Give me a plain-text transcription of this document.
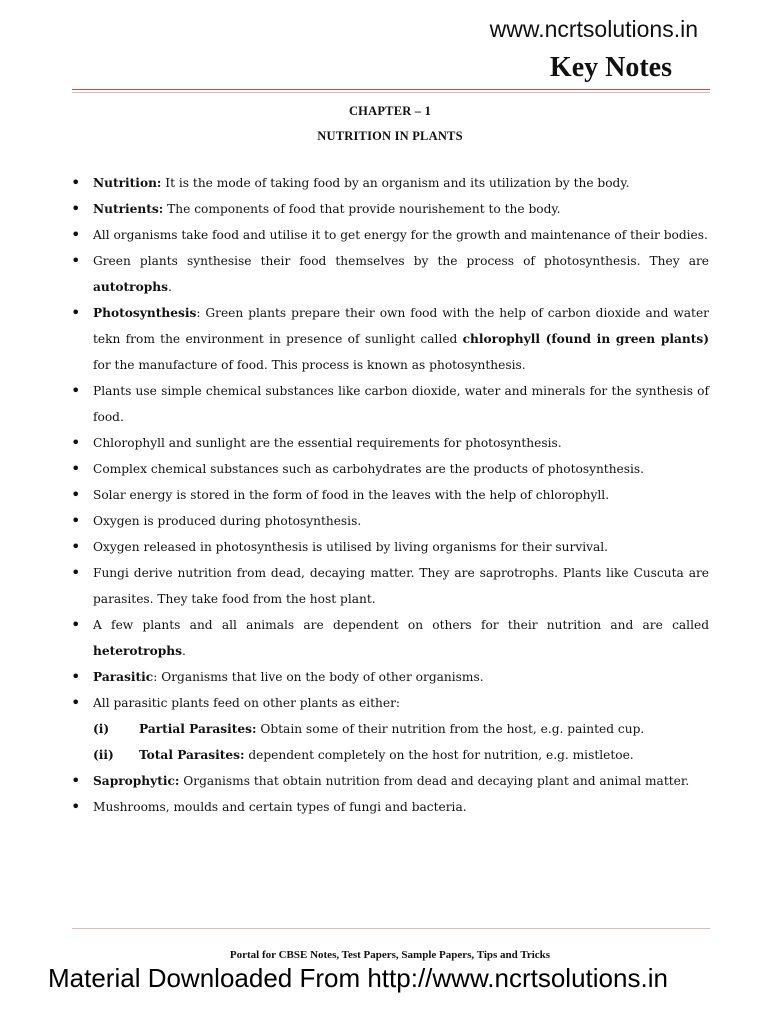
www.ncrtsolutions.in
Key Notes
CHAPTER – 1
NUTRITION IN PLANTS
• Nutrition: It is the mode of taking food by an organism and its utilization by the body.
• Nutrients: The components of food that provide nourishement to the body.
• All organisms take food and utilise it to get energy for the growth and maintenance of their bodies.
• Green plants synthesise their food themselves by the process of photosynthesis. They are autotrophs.
• Photosynthesis: Green plants prepare their own food with the help of carbon dioxide and water tekn from the environment in presence of sunlight called chlorophyll (found in green plants) for the manufacture of food. This process is known as photosynthesis.
• Plants use simple chemical substances like carbon dioxide, water and minerals for the synthesis of food.
• Chlorophyll and sunlight are the essential requirements for photosynthesis.
• Complex chemical substances such as carbohydrates are the products of photosynthesis.
• Solar energy is stored in the form of food in the leaves with the help of chlorophyll.
• Oxygen is produced during photosynthesis.
• Oxygen released in photosynthesis is utilised by living organisms for their survival.
• Fungi derive nutrition from dead, decaying matter. They are saprotrophs. Plants like Cuscuta are parasites. They take food from the host plant.
• A few plants and all animals are dependent on others for their nutrition and are called heterotrophs.
• Parasitic: Organisms that live on the body of other organisms.
• All parasitic plants feed on other plants as either:
(i) Partial Parasites: Obtain some of their nutrition from the host, e.g. painted cup.
(ii) Total Parasites: dependent completely on the host for nutrition, e.g. mistletoe.
• Saprophytic: Organisms that obtain nutrition from dead and decaying plant and animal matter.
• Mushrooms, moulds and certain types of fungi and bacteria.
Portal for CBSE Notes, Test Papers, Sample Papers, Tips and Tricks
Material Downloaded From http://www.ncrtsolutions.in
